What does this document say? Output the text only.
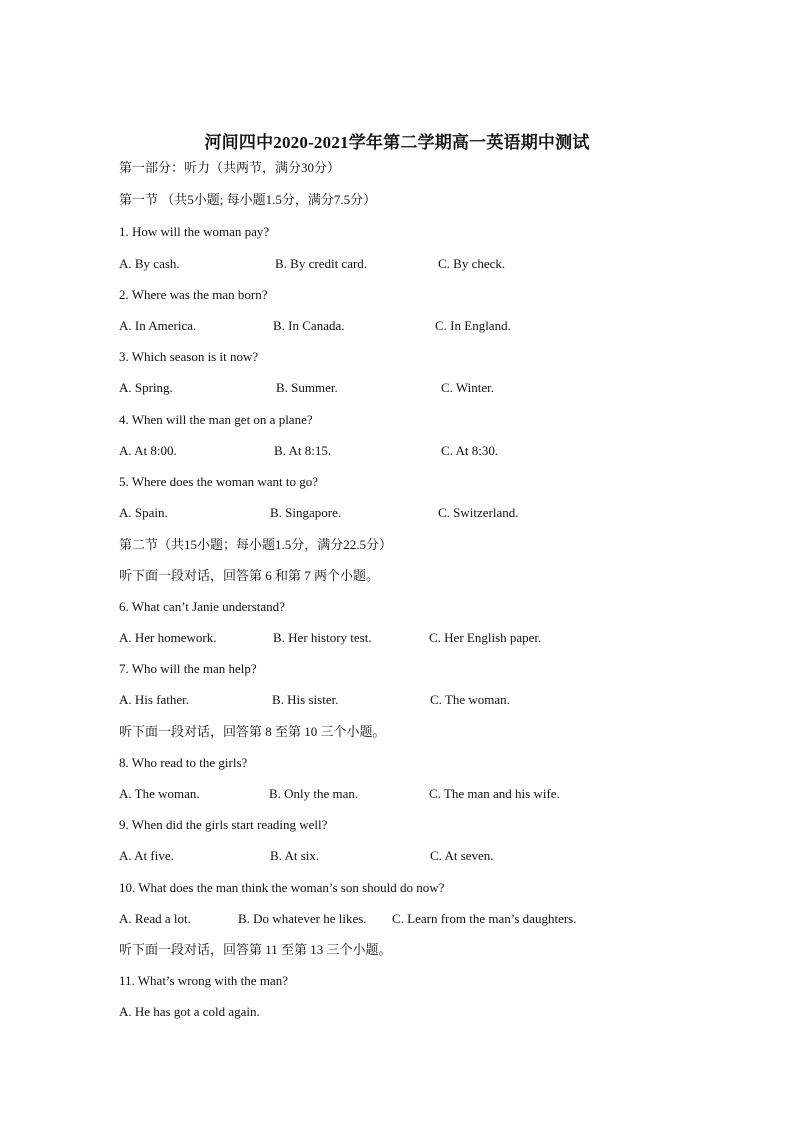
河间四中2020-2021学年第二学期高一英语期中测试
第一部分：听力（共两节，满分30分）
第一节 （共5小题; 每小题1.5分，满分7.5分）
1. How will the woman pay?
A. By cash.	B. By credit card.	C. By check.
2. Where was the man born?
A. In America.	B. In Canada.	C. In England.
3. Which season is it now?
A. Spring.	B. Summer.	C. Winter.
4. When will the man get on a plane?
A. At 8:00.	B. At 8:15.	C. At 8:30.
5. Where does the woman want to go?
A. Spain.	B. Singapore.	C. Switzerland.
第二节（共15小题；每小题1.5分，满分22.5分）
听下面一段对话，回答第 6 和第 7 两个小题。
6. What can’t Janie understand?
A. Her homework.	B. Her history test.	C. Her English paper.
7. Who will the man help?
A. His father.	B. His sister.	C. The woman.
听下面一段对话，回答第 8 至第 10 三个小题。
8. Who read to the girls?
A. The woman.	B. Only the man.	C. The man and his wife.
9. When did the girls start reading well?
A. At five.	B. At six.	C. At seven.
10. What does the man think the woman’s son should do now?
A. Read a lot.	B. Do whatever he likes. C. Learn from the man’s daughters.
听下面一段对话，回答第 11 至第 13 三个小题。
11. What’s wrong with the man?
A. He has got a cold again.
